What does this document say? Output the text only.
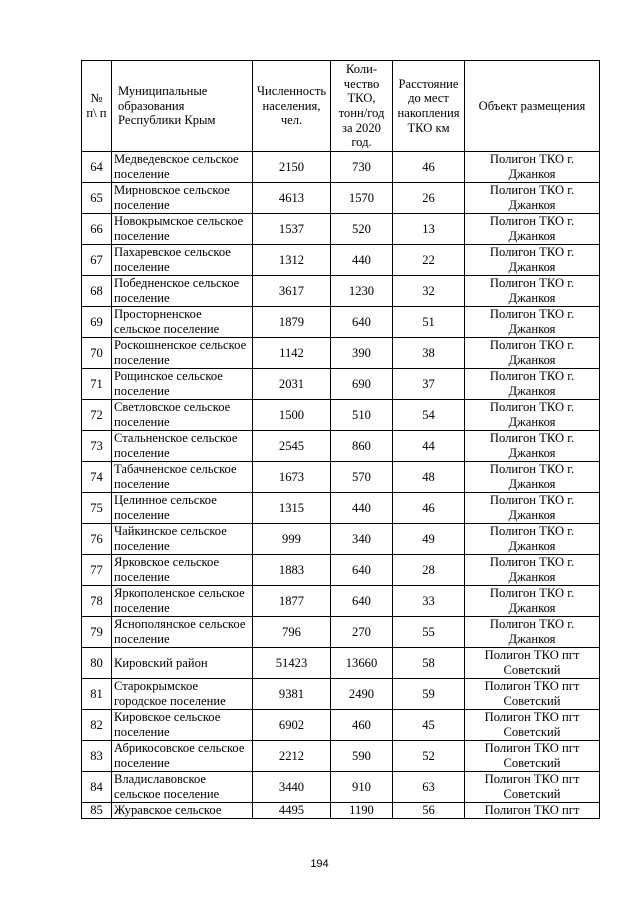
№ п\ п	Муниципальные образования Республики Крым	Численность населения, чел.	Коли- чество ТКО, тонн/год за 2020 год.	Расстояние до мест накопления ТКО км	Объект размещения
64	Медведевское сельское поселение	2150	730	46	Полигон ТКО г. Джанкоя
65	Мирновское сельское поселение	4613	1570	26	Полигон ТКО г. Джанкоя
66	Новокрымское сельское поселение	1537	520	13	Полигон ТКО г. Джанкоя
67	Пахаревское сельское поселение	1312	440	22	Полигон ТКО г. Джанкоя
68	Победненское сельское поселение	3617	1230	32	Полигон ТКО г. Джанкоя
69	Просторненское сельское поселение	1879	640	51	Полигон ТКО г. Джанкоя
70	Роскошненское сельское поселение	1142	390	38	Полигон ТКО г. Джанкоя
71	Рощинское сельское поселение	2031	690	37	Полигон ТКО г. Джанкоя
72	Светловское сельское поселение	1500	510	54	Полигон ТКО г. Джанкоя
73	Стальненское сельское поселение	2545	860	44	Полигон ТКО г. Джанкоя
74	Табачненское сельское поселение	1673	570	48	Полигон ТКО г. Джанкоя
75	Целинное сельское поселение	1315	440	46	Полигон ТКО г. Джанкоя
76	Чайкинское сельское поселение	999	340	49	Полигон ТКО г. Джанкоя
77	Ярковское сельское поселение	1883	640	28	Полигон ТКО г. Джанкоя
78	Яркополенское сельское поселение	1877	640	33	Полигон ТКО г. Джанкоя
79	Яснополянское сельское поселение	796	270	55	Полигон ТКО г. Джанкоя
80	Кировский район	51423	13660	58	Полигон ТКО пгт Советский
81	Старокрымское городское поселение	9381	2490	59	Полигон ТКО пгт Советский
82	Кировское сельское поселение	6902	460	45	Полигон ТКО пгт Советский
83	Абрикосовское сельское поселение	2212	590	52	Полигон ТКО пгт Советский
84	Владиславовское сельское поселение	3440	910	63	Полигон ТКО пгт Советский
85	Журавское сельское	4495	1190	56	Полигон ТКО пгт
194
